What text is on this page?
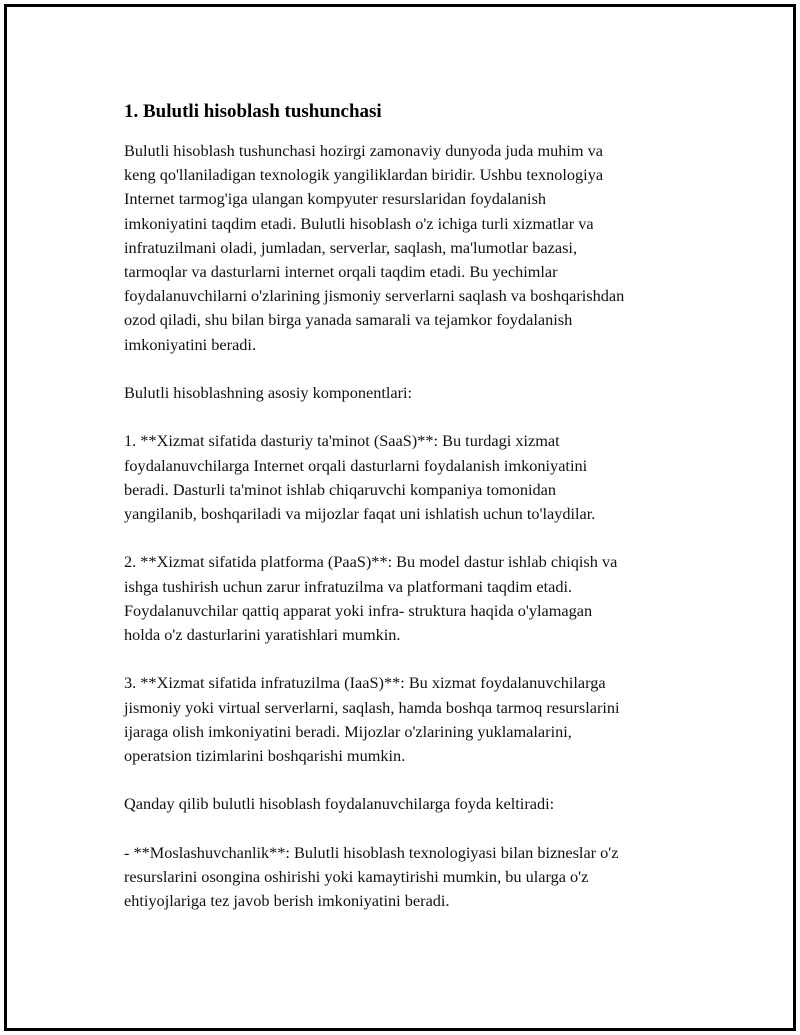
1. Bulutli hisoblash tushunchasi

Bulutli hisoblash tushunchasi hozirgi zamonaviy dunyoda juda muhim va
keng qo'llaniladigan texnologik yangiliklardan biridir. Ushbu texnologiya
Internet tarmog'iga ulangan kompyuter resurslaridan foydalanish
imkoniyatini taqdim etadi. Bulutli hisoblash o'z ichiga turli xizmatlar va
infratuzilmani oladi, jumladan, serverlar, saqlash, ma'lumotlar bazasi,
tarmoqlar va dasturlarni internet orqali taqdim etadi. Bu yechimlar
foydalanuvchilarni o'zlarining jismoniy serverlarni saqlash va boshqarishdan
ozod qiladi, shu bilan birga yanada samarali va tejamkor foydalanish
imkoniyatini beradi.

Bulutli hisoblashning asosiy komponentlari:

1. **Xizmat sifatida dasturiy ta'minot (SaaS)**: Bu turdagi xizmat
foydalanuvchilarga Internet orqali dasturlarni foydalanish imkoniyatini
beradi. Dasturli ta'minot ishlab chiqaruvchi kompaniya tomonidan
yangilanib, boshqariladi va mijozlar faqat uni ishlatish uchun to'laydilar.

2. **Xizmat sifatida platforma (PaaS)**: Bu model dastur ishlab chiqish va
ishga tushirish uchun zarur infratuzilma va platformani taqdim etadi.
Foydalanuvchilar qattiq apparat yoki infra- struktura haqida o'ylamagan
holda o'z dasturlarini yaratishlari mumkin.

3. **Xizmat sifatida infratuzilma (IaaS)**: Bu xizmat foydalanuvchilarga
jismoniy yoki virtual serverlarni, saqlash, hamda boshqa tarmoq resurslarini
ijaraga olish imkoniyatini beradi. Mijozlar o'zlarining yuklamalarini,
operatsion tizimlarini boshqarishi mumkin.

Qanday qilib bulutli hisoblash foydalanuvchilarga foyda keltiradi:

- **Moslashuvchanlik**: Bulutli hisoblash texnologiyasi bilan bizneslar o'z
resurslarini osongina oshirishi yoki kamaytirishi mumkin, bu ularga o'z
ehtiyojlariga tez javob berish imkoniyatini beradi.
